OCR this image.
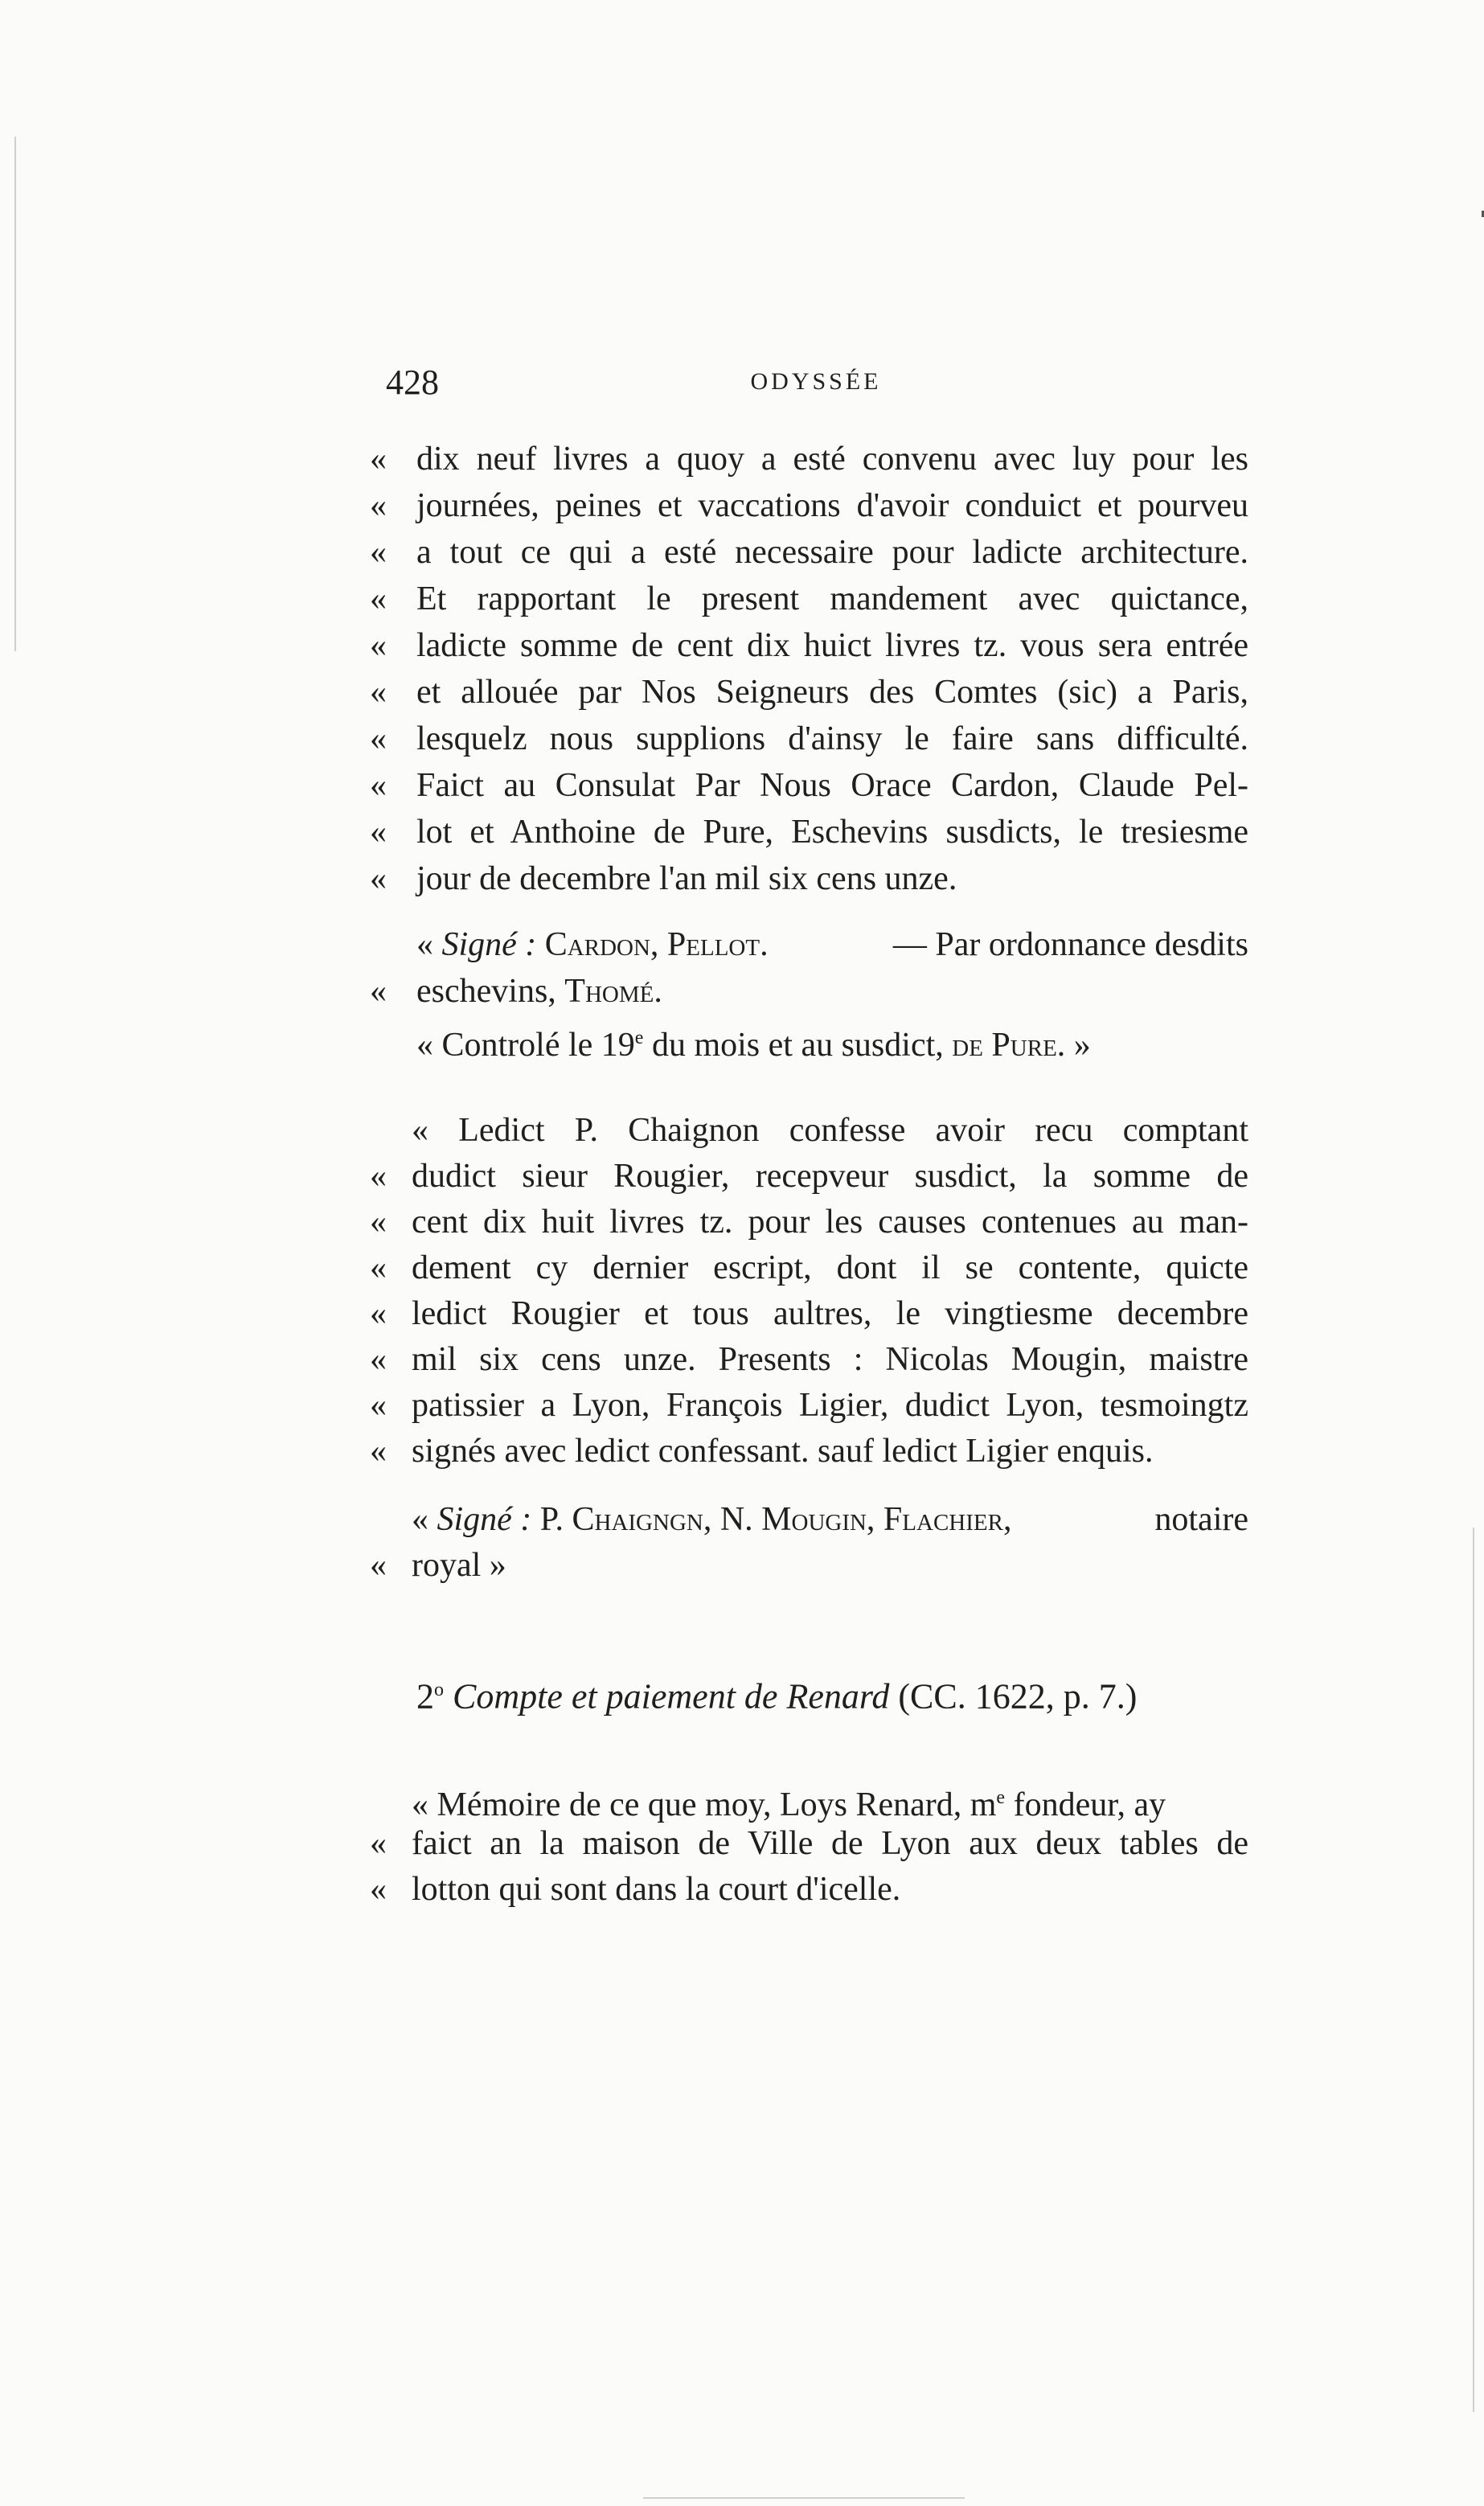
428	ODYSSÉE
« dix neuf livres a quoy a esté convenu avec luy pour les
« journées, peines et vaccations d'avoir conduict et pourveu
« a tout ce qui a esté necessaire pour ladicte architecture.
« Et rapportant le present mandement avec quictance,
« ladicte somme de cent dix huict livres tz. vous sera entrée
« et allouée par Nos Seigneurs des Comtes (sic) a Paris,
« lesquelz nous supplions d'ainsy le faire sans difficulté.
« Faict au Consulat Par Nous Orace Cardon, Claude Pel-
« lot et Anthoine de Pure, Eschevins susdicts, le tresiesme
« jour de decembre l'an mil six cens unze.
« Signé : Cardon, Pellot.	— Par ordonnance desdits
« eschevins, Thomé.
« Controlé le 19e du mois et au susdict, de Pure. »
« Ledict P. Chaignon confesse avoir recu comptant
« dudict sieur Rougier, recepveur susdict, la somme de
« cent dix huit livres tz. pour les causes contenues au man-
« dement cy dernier escript, dont il se contente, quicte
« ledict Rougier et tous aultres, le vingtiesme decembre
« mil six cens unze. Presents : Nicolas Mougin, maistre
« patissier a Lyon, François Ligier, dudict Lyon, tesmoingtz
« signés avec ledict confessant. sauf ledict Ligier enquis.
« Signé : P. Chaigngn, N. Mougin, Flachier,	notaire
« royal »
2$^o$ Compte et paiement de Renard (CC. 1622, p. 7.)
« Mémoire de ce que moy, Loys Renard, $m^e$ fondeur, ay
« faict an la maison de Ville de Lyon aux deux tables de
« lotton qui sont dans la court d'icelle.
